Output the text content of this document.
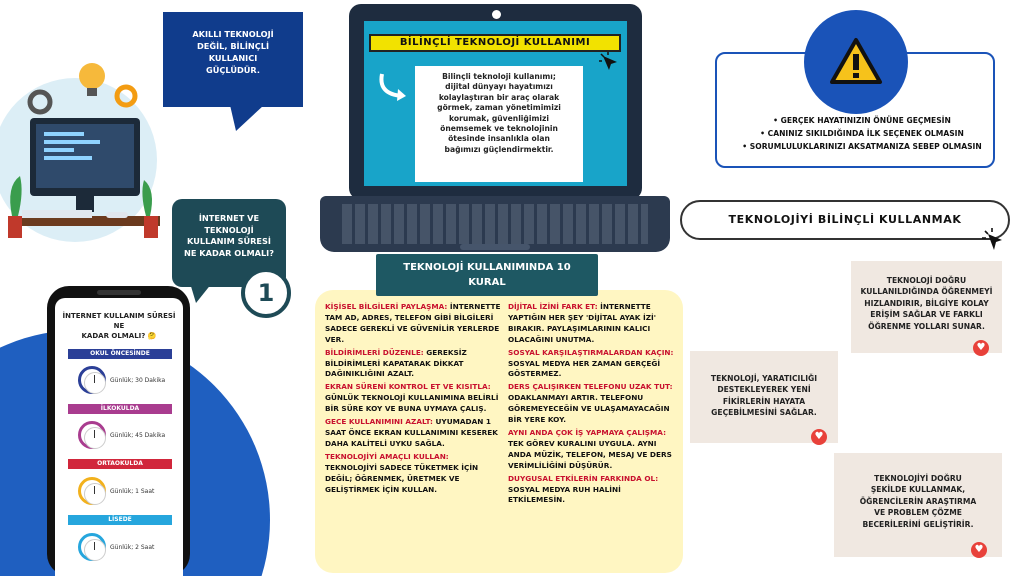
AKILLI TEKNOLOJİ
DEĞİL, BİLİNÇLİ
KULLANICI
GÜÇLÜDÜR.
İNTERNET VE
TEKNOLOJİ
KULLANIM SÜRESİ
NE KADAR OLMALI?
1
İNTERNET KULLANIM SÜRESİ NE
KADAR OLMALI? 🤔
OKUL ÖNCESİNDE
Günlük; 30 Dakika
İLKOKULDA
Günlük; 45 Dakika
ORTAOKULDA
Günlük; 1 Saat
LİSEDE
Günlük; 2 Saat
BİLİNÇLİ TEKNOLOJİ KULLANIMI
Bilinçli teknoloji kullanımı;
dijital dünyayı hayatımızı
kolaylaştıran bir araç olarak
görmek, zaman yönetimimizi
korumak, güvenliğimizi
önemsemek ve teknolojinin
ötesinde insanlıkla olan
bağımızı güçlendirmektir.
TEKNOLOJİ KULLANIMINDA 10
KURAL
KİŞİSEL BİLGİLERİ PAYLAŞMA: İNTERNETTE TAM AD, ADRES, TELEFON GİBİ BİLGİLERİ SADECE GEREKLİ VE GÜVENİLİR YERLERDE VER.
BİLDİRİMLERİ DÜZENLE: GEREKSİZ BİLDİRİMLERİ KAPATARAK DİKKAT DAĞINIKLIĞINI AZALT.
EKRAN SÜRENİ KONTROL ET VE KISITLA: GÜNLÜK TEKNOLOJİ KULLANIMINA BELİRLİ BİR SÜRE KOY VE BUNA UYMAYA ÇALIŞ.
GECE KULLANIMINI AZALT: UYUMADAN 1 SAAT ÖNCE EKRAN KULLANIMINI KESEREK DAHA KALİTELİ UYKU SAĞLA.
TEKNOLOJİYİ AMAÇLI KULLAN: TEKNOLOJİYİ SADECE TÜKETMEK İÇİN DEĞİL; ÖĞRENMEK, ÜRETMEK VE GELİŞTİRMEK İÇİN KULLAN.
DİJİTAL İZİNİ FARK ET: İNTERNETTE YAPTIĞIN HER ŞEY 'DİJİTAL AYAK İZİ' BIRAKIR. PAYLAŞIMLARININ KALICI OLACAĞINI UNUTMA.
SOSYAL KARŞILAŞTIRMALARDAN KAÇIN: SOSYAL MEDYA HER ZAMAN GERÇEĞİ GÖSTERMEZ.
DERS ÇALIŞIRKEN TELEFONU UZAK TUT: ODAKLANMAYI ARTIR. TELEFONU GÖREMEYECEĞİN VE ULAŞAMAYACAĞIN BİR YERE KOY.
AYNI ANDA ÇOK İŞ YAPMAYA ÇALIŞMA: TEK GÖREV KURALINI UYGULA. AYNI ANDA MÜZİK, TELEFON, MESAJ VE DERS VERİMLİLİĞİNİ DÜŞÜRÜR.
DUYGUSAL ETKİLERİN FARKINDA OL: SOSYAL MEDYA RUH HALİNİ ETKİLEMESİN.
• GERÇEK HAYATINIZIN ÖNÜNE GEÇMESİN
• CANINIZ SIKILDIĞINDA İLK SEÇENEK OLMASIN
• SORUMLULUKLARINIZI AKSATMANIZA SEBEP OLMASIN
TEKNOLOJİYİ BİLİNÇLİ KULLANMAK
TEKNOLOJİ DOĞRU
KULLANILDIĞINDA ÖĞRENMEYİ
HIZLANDIRIR, BİLGİYE KOLAY
ERİŞİM SAĞLAR VE FARKLI
ÖĞRENME YOLLARI SUNAR.
♥
TEKNOLOJİ, YARATICILIĞI
DESTEKLEYEREK YENİ
FİKİRLERİN HAYATA
GEÇEBİLMESİNİ SAĞLAR.
♥
TEKNOLOJİYİ DOĞRU
ŞEKİLDE KULLANMAK,
ÖĞRENCİLERİN ARAŞTIRMA
VE PROBLEM ÇÖZME
BECERİLERİNİ GELİŞTİRİR.
♥
